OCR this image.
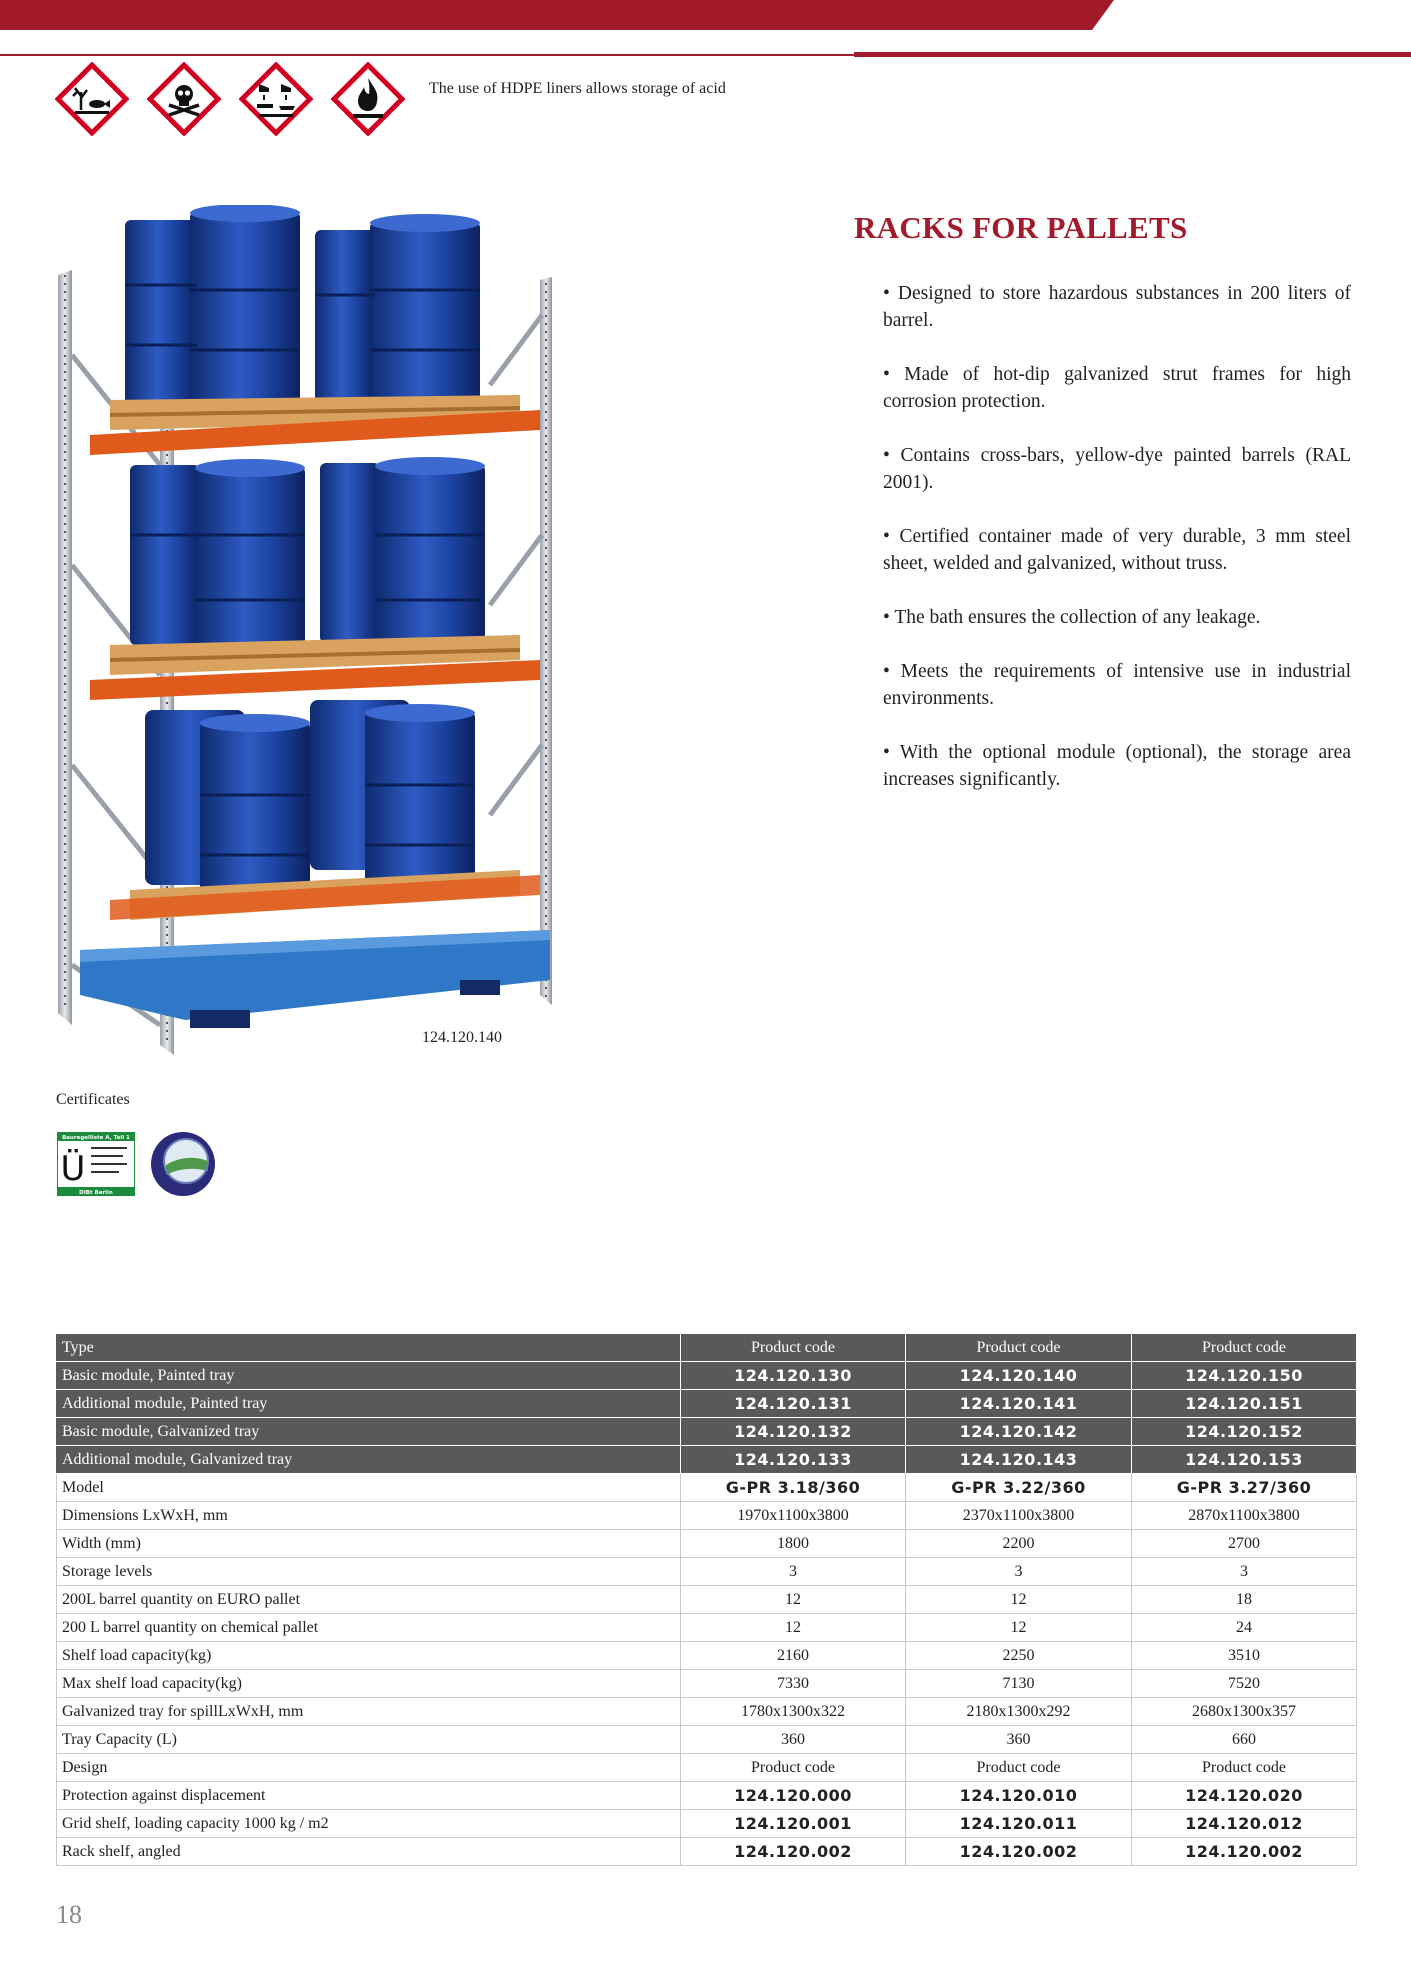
The use of HDPE liners allows storage of acid
124.120.140
RACKS FOR PALLETS
• Designed to store hazardous substances in 200 liters of barrel.
• Made of hot-dip galvanized strut frames for high corrosion protection.
• Contains cross-bars, yellow-dye painted barrels (RAL 2001).
• Certified container made of very durable, 3 mm steel sheet, welded and galvanized, without truss.
• The bath ensures the collection of any leakage.
• Meets the requirements of intensive use in industrial environments.
• With the optional module (optional), the storage area increases significantly.
Certificates
Bauregelliste A, Teil 1
Ü
DIBt Berlin
Type	Product code	Product code	Product code
Basic module, Painted tray	124.120.130	124.120.140	124.120.150
Additional module, Painted tray	124.120.131	124.120.141	124.120.151
Basic module, Galvanized tray	124.120.132	124.120.142	124.120.152
Additional module, Galvanized tray	124.120.133	124.120.143	124.120.153
Model	G-PR 3.18/360	G-PR 3.22/360	G-PR 3.27/360
Dimensions LxWxH, mm	1970x1100x3800	2370x1100x3800	2870x1100x3800
Width (mm)	1800	2200	2700
Storage levels	3	3	3
200L barrel quantity on EURO pallet	12	12	18
200 L barrel quantity on chemical pallet	12	12	24
Shelf load capacity(kg)	2160	2250	3510
Max shelf load capacity(kg)	7330	7130	7520
Galvanized tray for spillLxWxH, mm	1780x1300x322	2180x1300x292	2680x1300x357
Tray Capacity (L)	360	360	660
Design	Product code	Product code	Product code
Protection against displacement	124.120.000	124.120.010	124.120.020
Grid shelf, loading capacity 1000 kg / m2	124.120.001	124.120.011	124.120.012
Rack shelf, angled	124.120.002	124.120.002	124.120.002
18
